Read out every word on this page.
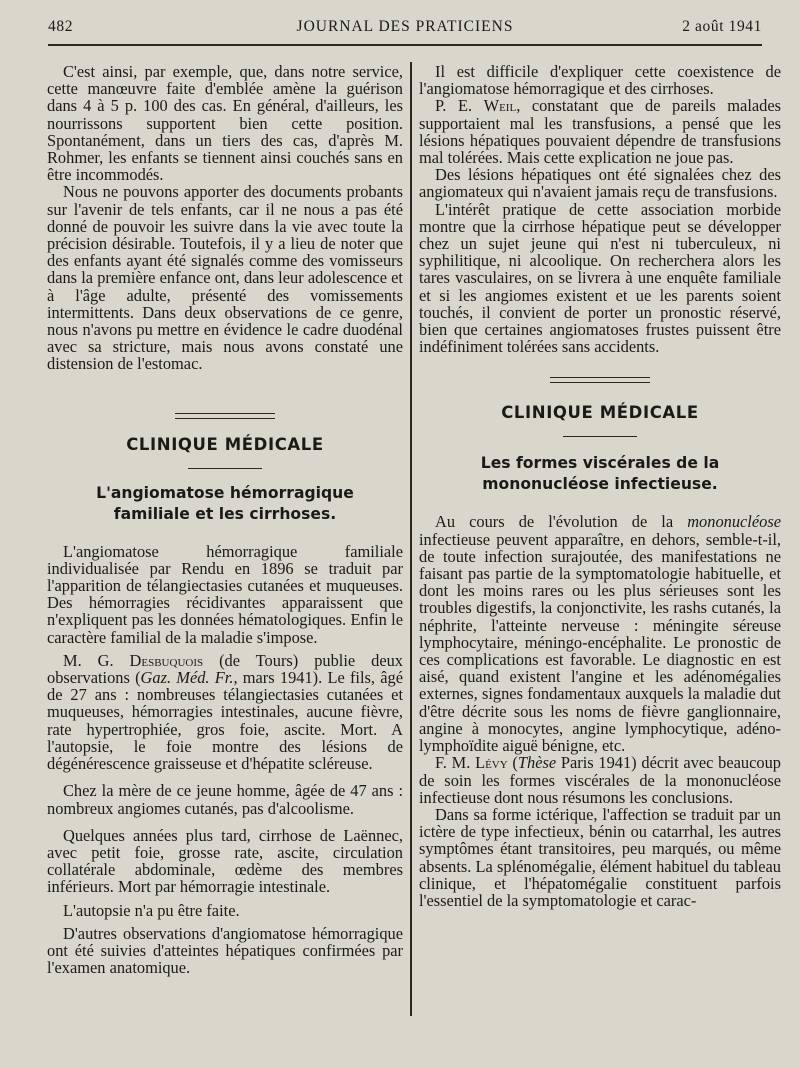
482	JOURNAL DES PRATICIENS	2 août 1941

C'est ainsi, par exemple, que, dans notre service, cette manœuvre faite d'emblée amène la guérison dans 4 à 5 p. 100 des cas. En général, d'ailleurs, les nourrissons supportent bien cette position. Spontanément, dans un tiers des cas, d'après M. Rohmer, les enfants se tiennent ainsi couchés sans en être incommodés.

Nous ne pouvons apporter des documents probants sur l'avenir de tels enfants, car il ne nous a pas été donné de pouvoir les suivre dans la vie avec toute la précision désirable. Toutefois, il y a lieu de noter que des enfants ayant été signalés comme des vomisseurs dans la première enfance ont, dans leur adolescence et à l'âge adulte, présenté des vomissements intermittents. Dans deux observations de ce genre, nous n'avons pu mettre en évidence le cadre duodénal avec sa stricture, mais nous avons constaté une distension de l'estomac.

CLINIQUE MÉDICALE
L'angiomatose hémorragique familiale et les cirrhoses.

L'angiomatose hémorragique familiale individualisée par Rendu en 1896 se traduit par l'apparition de télangiectasies cutanées et muqueuses. Des hémorragies récidivantes apparaissent que n'expliquent pas les données hématologiques. Enfin le caractère familial de la maladie s'impose.

M. G. Desbuquois (de Tours) publie deux observations (Gaz. Méd. Fr., mars 1941). Le fils, âgé de 27 ans : nombreuses télangiectasies cutanées et muqueuses, hémorragies intestinales, aucune fièvre, rate hypertrophiée, gros foie, ascite. Mort. A l'autopsie, le foie montre des lésions de dégénérescence graisseuse et d'hépatite scléreuse.

Chez la mère de ce jeune homme, âgée de 47 ans : nombreux angiomes cutanés, pas d'alcoolisme.

Quelques années plus tard, cirrhose de Laënnec, avec petit foie, grosse rate, ascite, circulation collatérale abdominale, œdème des membres inférieurs. Mort par hémorragie intestinale.

L'autopsie n'a pu être faite.

D'autres observations d'angiomatose hémorragique ont été suivies d'atteintes hépatiques confirmées par l'examen anatomique.

Il est difficile d'expliquer cette coexistence de l'angiomatose hémorragique et des cirrhoses.

P. E. Weil, constatant que de pareils malades supportaient mal les transfusions, a pensé que les lésions hépatiques pouvaient dépendre de transfusions mal tolérées. Mais cette explication ne joue pas.

Des lésions hépatiques ont été signalées chez des angiomateux qui n'avaient jamais reçu de transfusions.

L'intérêt pratique de cette association morbide montre que la cirrhose hépatique peut se développer chez un sujet jeune qui n'est ni tuberculeux, ni syphilitique, ni alcoolique. On recherchera alors les tares vasculaires, on se livrera à une enquête familiale et si les angiomes existent et ue les parents soient touchés, il convient de porter un pronostic réservé, bien que certaines angiomatoses frustes puissent être indéfiniment tolérées sans accidents.

CLINIQUE MÉDICALE
Les formes viscérales de la mononucléose infectieuse.

Au cours de l'évolution de la mononucléose infectieuse peuvent apparaître, en dehors, semble-t-il, de toute infection surajoutée, des manifestations ne faisant pas partie de la symptomatologie habituelle, et dont les moins rares ou les plus sérieuses sont les troubles digestifs, la conjonctivite, les rashs cutanés, la néphrite, l'atteinte nerveuse : méningite séreuse lymphocytaire, méningo-encéphalite. Le pronostic de ces complications est favorable. Le diagnostic en est aisé, quand existent l'angine et les adénomégalies externes, signes fondamentaux auxquels la maladie dut d'être décrite sous les noms de fièvre ganglionnaire, angine à monocytes, angine lymphocytique, adéno-lymphoïdite aiguë bénigne, etc.

F. M. Lévy (Thèse Paris 1941) décrit avec beaucoup de soin les formes viscérales de la mononucléose infectieuse dont nous résumons les conclusions.

Dans sa forme ictérique, l'affection se traduit par un ictère de type infectieux, bénin ou catarrhal, les autres symptômes étant transitoires, peu marqués, ou même absents. La splénomégalie, élément habituel du tableau clinique, et l'hépatomégalie constituent parfois l'essentiel de la symptomatologie et carac-
